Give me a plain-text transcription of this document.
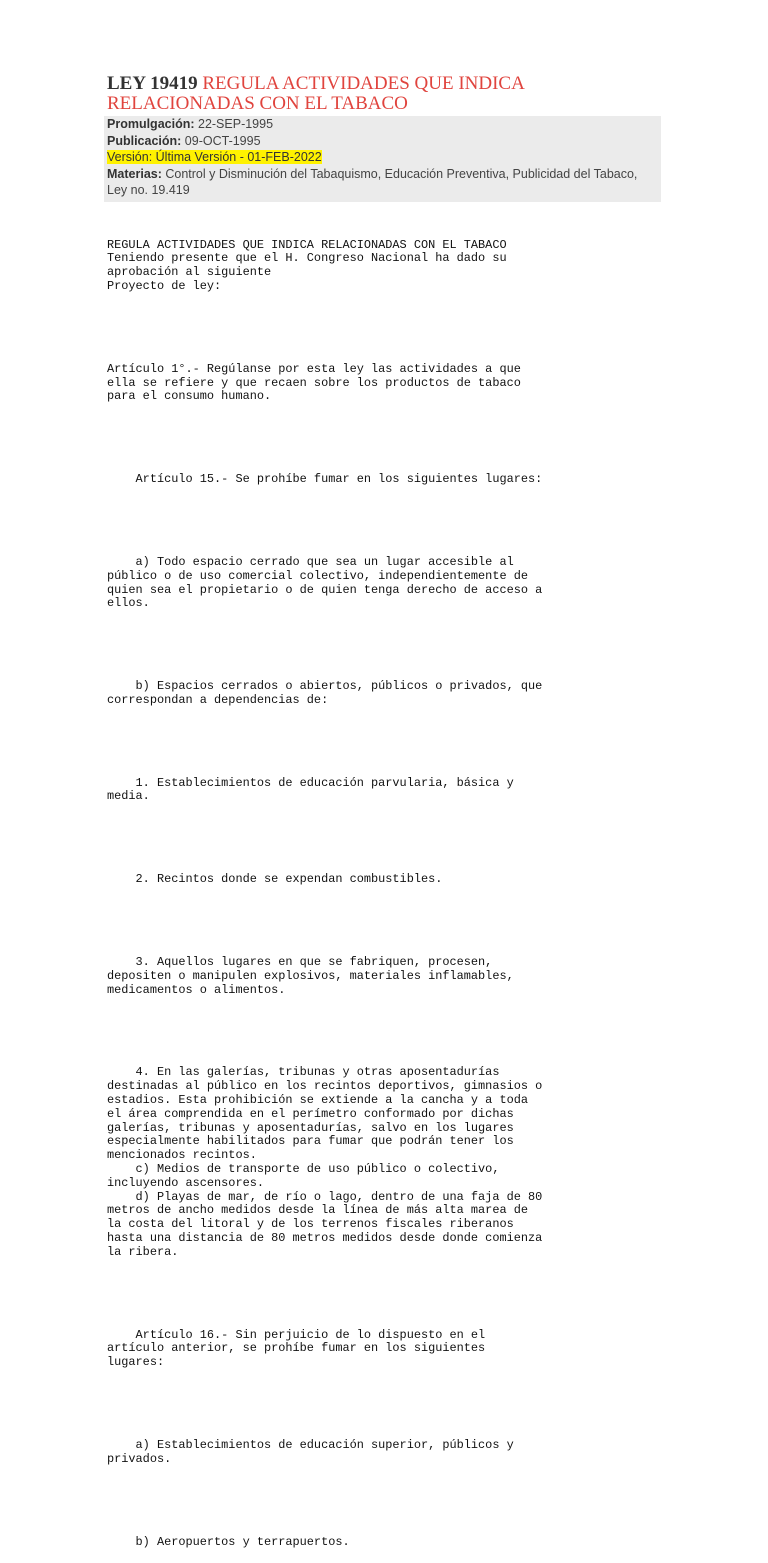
LEY 19419 REGULA ACTIVIDADES QUE INDICA RELACIONADAS CON EL TABACO

Promulgación: 22-SEP-1995

Publicación: 09-OCT-1995

Versión: Última Versión - 01-FEB-2022

Materias: Control y Disminución del Tabaquismo, Educación Preventiva, Publicidad del Tabaco, Ley no. 19.419

REGULA ACTIVIDADES QUE INDICA RELACIONADAS CON EL TABACO
Teniendo presente que el H. Congreso Nacional ha dado su
aprobación al siguiente
Proyecto de ley:

Artículo 1°.- Regúlanse por esta ley las actividades a que
ella se refiere y que recaen sobre los productos de tabaco
para el consumo humano.

Artículo 15.- Se prohíbe fumar en los siguientes lugares:

a) Todo espacio cerrado que sea un lugar accesible al
público o de uso comercial colectivo, independientemente de
quien sea el propietario o de quien tenga derecho de acceso a
ellos.

b) Espacios cerrados o abiertos, públicos o privados, que
correspondan a dependencias de:

1. Establecimientos de educación parvularia, básica y
media.

2. Recintos donde se expendan combustibles.

3. Aquellos lugares en que se fabriquen, procesen,
depositen o manipulen explosivos, materiales inflamables,
medicamentos o alimentos.

4. En las galerías, tribunas y otras aposentadurías
destinadas al público en los recintos deportivos, gimnasios o
estadios. Esta prohibición se extiende a la cancha y a toda
el área comprendida en el perímetro conformado por dichas
galerías, tribunas y aposentadurías, salvo en los lugares
especialmente habilitados para fumar que podrán tener los
mencionados recintos.
c) Medios de transporte de uso público o colectivo,
incluyendo ascensores.
d) Playas de mar, de río o lago, dentro de una faja de 80
metros de ancho medidos desde la línea de más alta marea de
la costa del litoral y de los terrenos fiscales riberanos
hasta una distancia de 80 metros medidos desde donde comienza
la ribera.

Artículo 16.- Sin perjuicio de lo dispuesto en el
artículo anterior, se prohíbe fumar en los siguientes
lugares:

a) Establecimientos de educación superior, públicos y
privados.

b) Aeropuertos y terrapuertos.
